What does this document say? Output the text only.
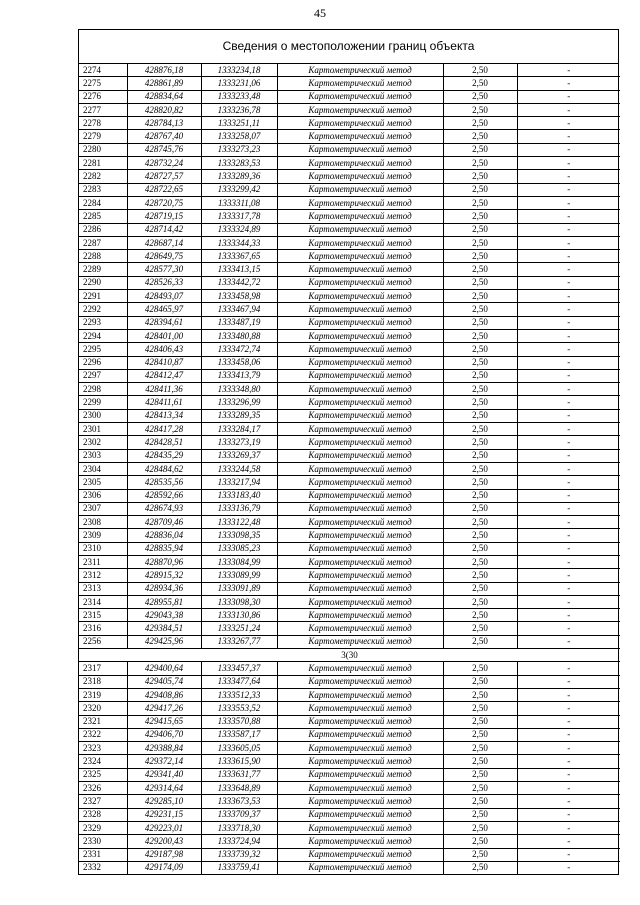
45
Сведения о местоположении границ объекта
2274	428876,18	1333234,18	Картометрический метод	2,50	-
2275	428861,89	1333231,06	Картометрический метод	2,50	-
2276	428834,64	1333233,48	Картометрический метод	2,50	-
2277	428820,82	1333236,78	Картометрический метод	2,50	-
2278	428784,13	1333251,11	Картометрический метод	2,50	-
2279	428767,40	1333258,07	Картометрический метод	2,50	-
2280	428745,76	1333273,23	Картометрический метод	2,50	-
2281	428732,24	1333283,53	Картометрический метод	2,50	-
2282	428727,57	1333289,36	Картометрический метод	2,50	-
2283	428722,65	1333299,42	Картометрический метод	2,50	-
2284	428720,75	1333311,08	Картометрический метод	2,50	-
2285	428719,15	1333317,78	Картометрический метод	2,50	-
2286	428714,42	1333324,89	Картометрический метод	2,50	-
2287	428687,14	1333344,33	Картометрический метод	2,50	-
2288	428649,75	1333367,65	Картометрический метод	2,50	-
2289	428577,30	1333413,15	Картометрический метод	2,50	-
2290	428526,33	1333442,72	Картометрический метод	2,50	-
2291	428493,07	1333458,98	Картометрический метод	2,50	-
2292	428465,97	1333467,94	Картометрический метод	2,50	-
2293	428394,61	1333487,19	Картометрический метод	2,50	-
2294	428401,00	1333480,88	Картометрический метод	2,50	-
2295	428406,43	1333472,74	Картометрический метод	2,50	-
2296	428410,87	1333458,06	Картометрический метод	2,50	-
2297	428412,47	1333413,79	Картометрический метод	2,50	-
2298	428411,36	1333348,80	Картометрический метод	2,50	-
2299	428411,61	1333296,99	Картометрический метод	2,50	-
2300	428413,34	1333289,35	Картометрический метод	2,50	-
2301	428417,28	1333284,17	Картометрический метод	2,50	-
2302	428428,51	1333273,19	Картометрический метод	2,50	-
2303	428435,29	1333269,37	Картометрический метод	2,50	-
2304	428484,62	1333244,58	Картометрический метод	2,50	-
2305	428535,56	1333217,94	Картометрический метод	2,50	-
2306	428592,66	1333183,40	Картометрический метод	2,50	-
2307	428674,93	1333136,79	Картометрический метод	2,50	-
2308	428709,46	1333122,48	Картометрический метод	2,50	-
2309	428836,04	1333098,35	Картометрический метод	2,50	-
2310	428835,94	1333085,23	Картометрический метод	2,50	-
2311	428870,96	1333084,99	Картометрический метод	2,50	-
2312	428915,32	1333089,99	Картометрический метод	2,50	-
2313	428934,36	1333091,89	Картометрический метод	2,50	-
2314	428955,81	1333098,30	Картометрический метод	2,50	-
2315	429043,38	1333130,86	Картометрический метод	2,50	-
2316	429384,51	1333251,24	Картометрический метод	2,50	-
2256	429425,96	1333267,77	Картометрический метод	2,50	-
3(30					
2317	429400,64	1333457,37	Картометрический метод	2,50	-
2318	429405,74	1333477,64	Картометрический метод	2,50	-
2319	429408,86	1333512,33	Картометрический метод	2,50	-
2320	429417,26	1333553,52	Картометрический метод	2,50	-
2321	429415,65	1333570,88	Картометрический метод	2,50	-
2322	429406,70	1333587,17	Картометрический метод	2,50	-
2323	429388,84	1333605,05	Картометрический метод	2,50	-
2324	429372,14	1333615,90	Картометрический метод	2,50	-
2325	429341,40	1333631,77	Картометрический метод	2,50	-
2326	429314,64	1333648,89	Картометрический метод	2,50	-
2327	429285,10	1333673,53	Картометрический метод	2,50	-
2328	429231,15	1333709,37	Картометрический метод	2,50	-
2329	429223,01	1333718,30	Картометрический метод	2,50	-
2330	429200,43	1333724,94	Картометрический метод	2,50	-
2331	429187,98	1333739,32	Картометрический метод	2,50	-
2332	429174,09	1333759,41	Картометрический метод	2,50	-
